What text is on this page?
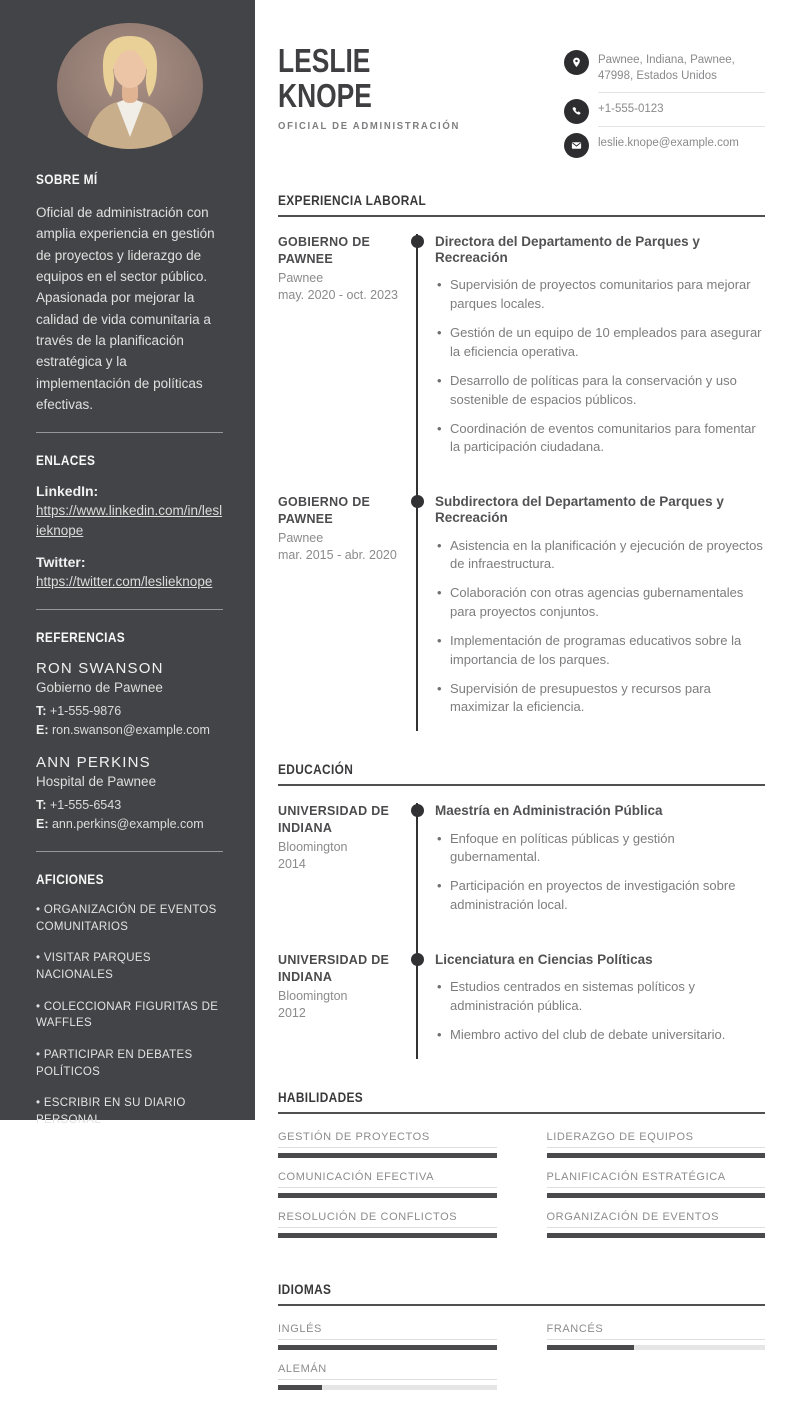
SOBRE MÍ

Oficial de administración con amplia experiencia en gestión de proyectos y liderazgo de equipos en el sector público. Apasionada por mejorar la calidad de vida comunitaria a través de la planificación estratégica y la implementación de políticas efectivas.

ENLACES
LinkedIn:
https://www.linkedin.com/in/leslieknope
Twitter:
https://twitter.com/leslieknope
REFERENCIAS
RON SWANSON
Gobierno de Pawnee
T: +1-555-9876
E: ron.swanson@example.com
ANN PERKINS
Hospital de Pawnee
T: +1-555-6543
E: ann.perkins@example.com
AFICIONES
• ORGANIZACIÓN DE EVENTOS COMUNITARIOS
• VISITAR PARQUES NACIONALES
• COLECCIONAR FIGURITAS DE WAFFLES
• PARTICIPAR EN DEBATES POLÍTICOS
• ESCRIBIR EN SU DIARIO PERSONAL
LESLIE
KNOPE
OFICIAL DE ADMINISTRACIÓN
Pawnee, Indiana, Pawnee, 47998, Estados Unidos
+1-555-0123
leslie.knope@example.com
EXPERIENCIA LABORAL
GOBIERNO DE PAWNEE
Pawnee
may. 2020 - oct. 2023
Directora del Departamento de Parques y Recreación
• Supervisión de proyectos comunitarios para mejorar parques locales.
• Gestión de un equipo de 10 empleados para asegurar la eficiencia operativa.
• Desarrollo de políticas para la conservación y uso sostenible de espacios públicos.
• Coordinación de eventos comunitarios para fomentar la participación ciudadana.
GOBIERNO DE PAWNEE
Pawnee
mar. 2015 - abr. 2020
Subdirectora del Departamento de Parques y Recreación
• Asistencia en la planificación y ejecución de proyectos de infraestructura.
• Colaboración con otras agencias gubernamentales para proyectos conjuntos.
• Implementación de programas educativos sobre la importancia de los parques.
• Supervisión de presupuestos y recursos para maximizar la eficiencia.
EDUCACIÓN
UNIVERSIDAD DE INDIANA
Bloomington
2014
Maestría en Administración Pública
• Enfoque en políticas públicas y gestión gubernamental.
• Participación en proyectos de investigación sobre administración local.
UNIVERSIDAD DE INDIANA
Bloomington
2012
Licenciatura en Ciencias Políticas
• Estudios centrados en sistemas políticos y administración pública.
• Miembro activo del club de debate universitario.
HABILIDADES
GESTIÓN DE PROYECTOS
COMUNICACIÓN EFECTIVA
RESOLUCIÓN DE CONFLICTOS
LIDERAZGO DE EQUIPOS
PLANIFICACIÓN ESTRATÉGICA
ORGANIZACIÓN DE EVENTOS
IDIOMAS
INGLÉS
ALEMÁN
FRANCÉS
